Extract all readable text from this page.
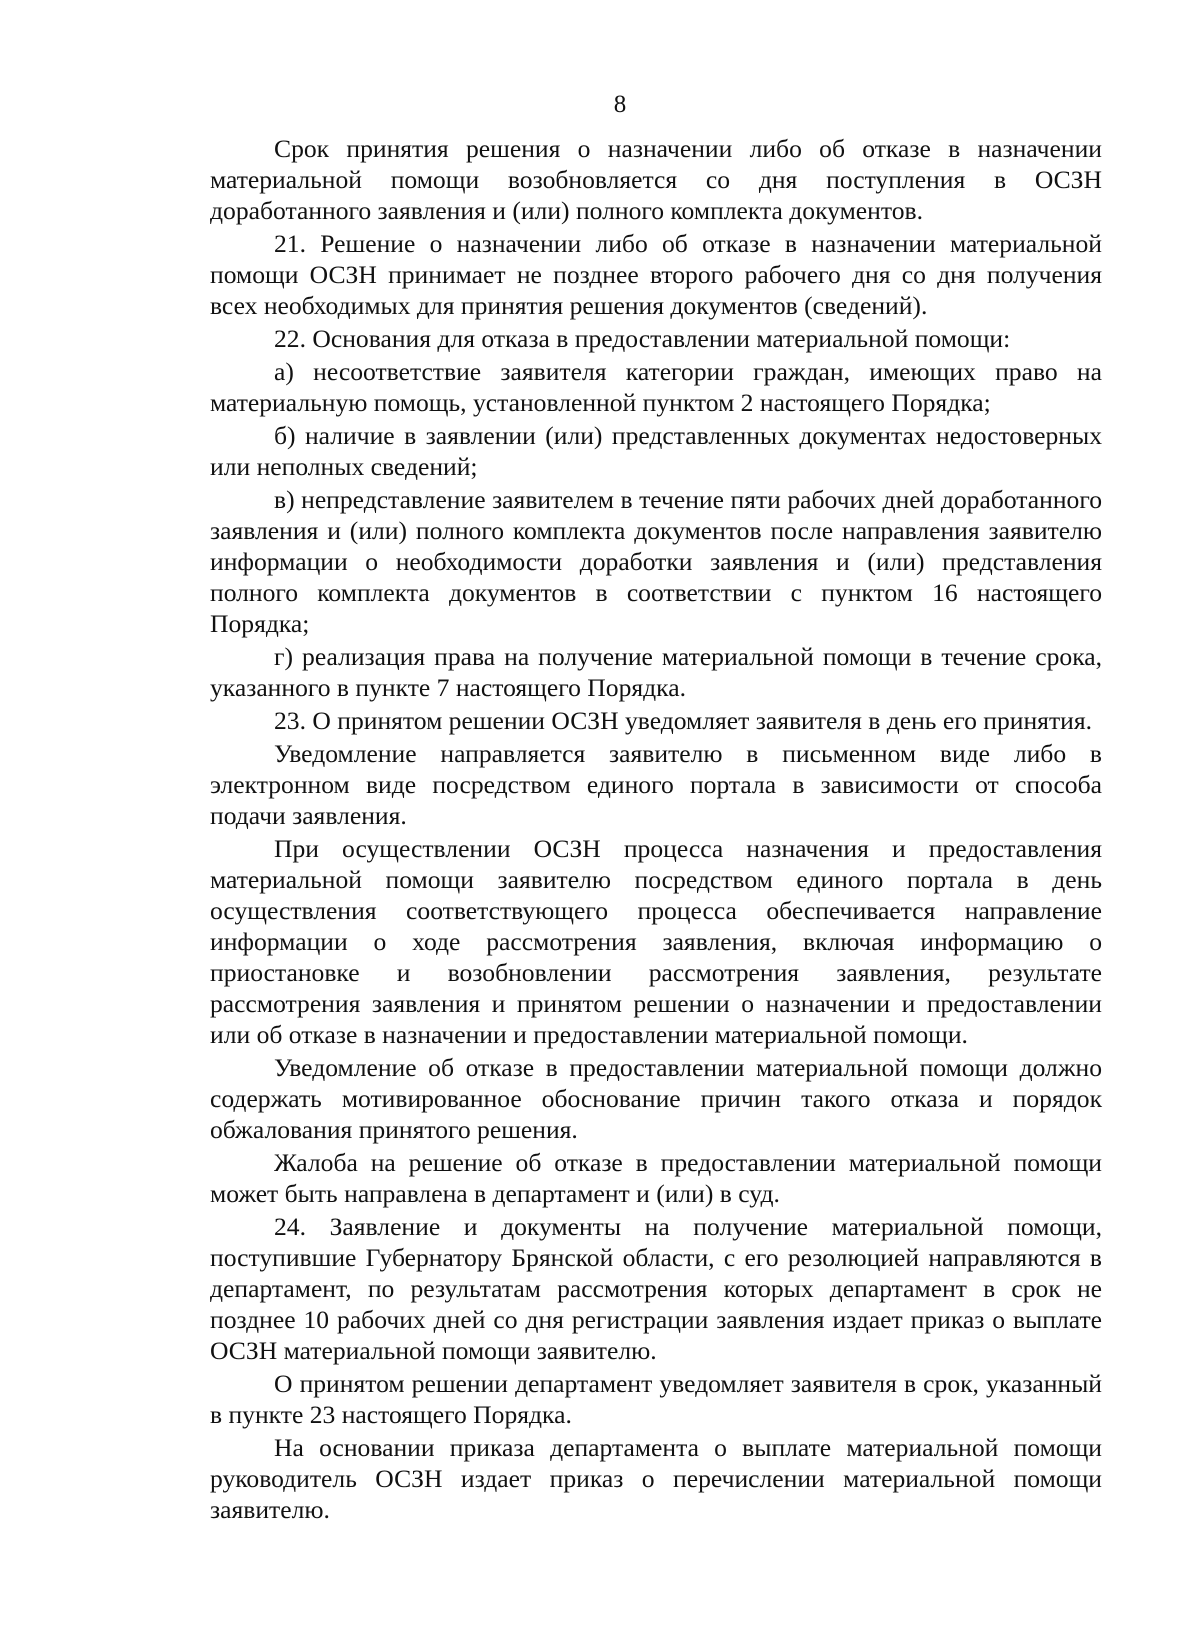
8

Срок принятия решения о назначении либо об отказе в назначении материальной помощи возобновляется со дня поступления в ОСЗН доработанного заявления и (или) полного комплекта документов.

21. Решение о назначении либо об отказе в назначении материальной помощи ОСЗН принимает не позднее второго рабочего дня со дня получения всех необходимых для принятия решения документов (сведений).

22. Основания для отказа в предоставлении материальной помощи:

а) несоответствие заявителя категории граждан, имеющих право на материальную помощь, установленной пунктом 2 настоящего Порядка;

б) наличие в заявлении (или) представленных документах недостоверных или неполных сведений;

в) непредставление заявителем в течение пяти рабочих дней доработанного заявления и (или) полного комплекта документов после направления заявителю информации о необходимости доработки заявления и (или) представления полного комплекта документов в соответствии с пунктом 16 настоящего Порядка;

г) реализация права на получение материальной помощи в течение срока, указанного в пункте 7 настоящего Порядка.

23. О принятом решении ОСЗН уведомляет заявителя в день его принятия.

Уведомление направляется заявителю в письменном виде либо в электронном виде посредством единого портала в зависимости от способа подачи заявления.

При осуществлении ОСЗН процесса назначения и предоставления материальной помощи заявителю посредством единого портала в день осуществления соответствующего процесса обеспечивается направление информации о ходе рассмотрения заявления, включая информацию о приостановке и возобновлении рассмотрения заявления, результате рассмотрения заявления и принятом решении о назначении и предоставлении или об отказе в назначении и предоставлении материальной помощи.

Уведомление об отказе в предоставлении материальной помощи должно содержать мотивированное обоснование причин такого отказа и порядок обжалования принятого решения.

Жалоба на решение об отказе в предоставлении материальной помощи может быть направлена в департамент и (или) в суд.

24. Заявление и документы на получение материальной помощи, поступившие Губернатору Брянской области, с его резолюцией направляются в департамент, по результатам рассмотрения которых департамент в срок не позднее 10 рабочих дней со дня регистрации заявления издает приказ о выплате ОСЗН материальной помощи заявителю.

О принятом решении департамент уведомляет заявителя в срок, указанный в пункте 23 настоящего Порядка.

На основании приказа департамента о выплате материальной помощи руководитель ОСЗН издает приказ о перечислении материальной помощи заявителю.
